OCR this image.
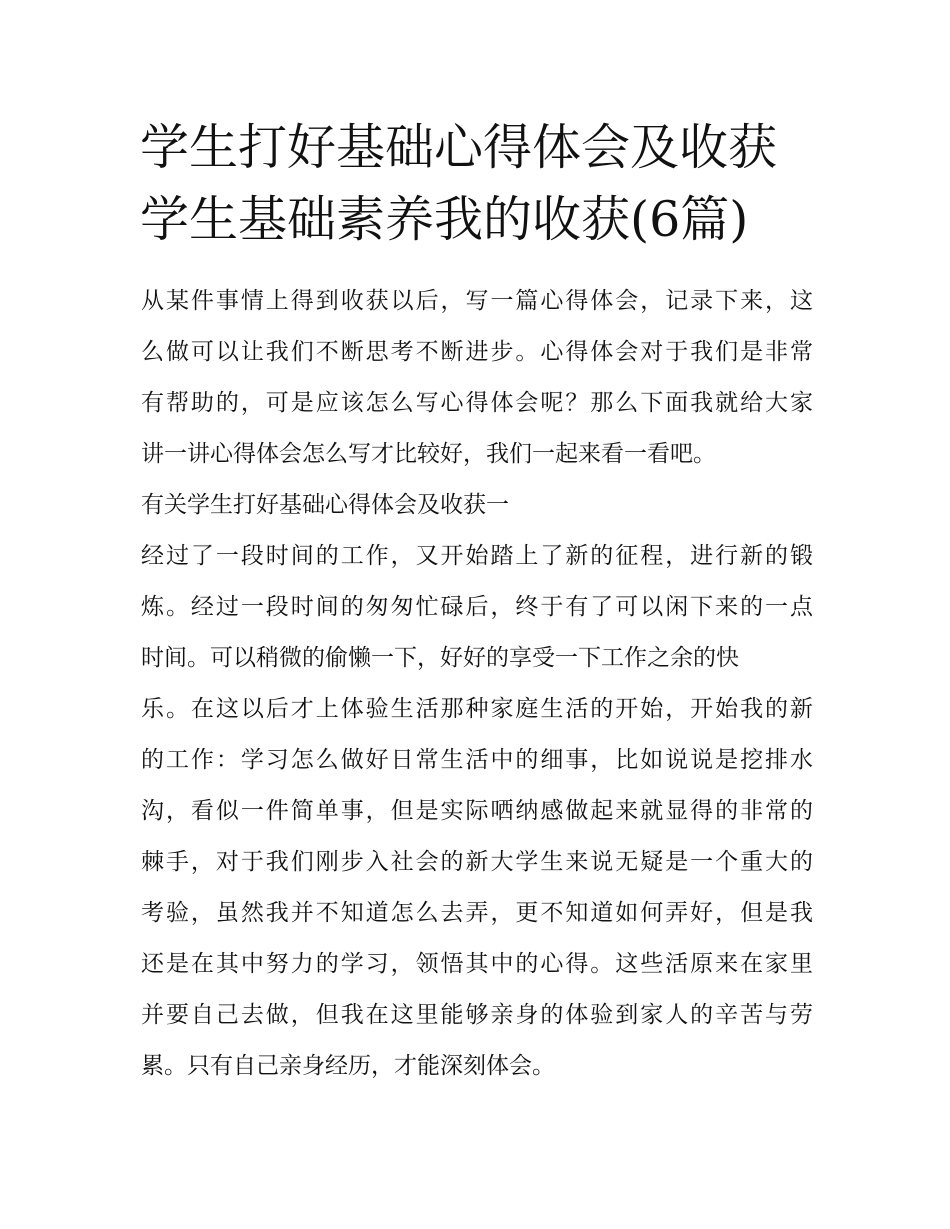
学生打好基础心得体会及收获
学生基础素养我的收获(6篇)
从某件事情上得到收获以后，写一篇心得体会，记录下来，这
么做可以让我们不断思考不断进步。心得体会对于我们是非常
有帮助的，可是应该怎么写心得体会呢？那么下面我就给大家
讲一讲心得体会怎么写才比较好，我们一起来看一看吧。
有关学生打好基础心得体会及收获一
经过了一段时间的工作，又开始踏上了新的征程，进行新的锻
炼。经过一段时间的匆匆忙碌后，终于有了可以闲下来的一点
时间。可以稍微的偷懒一下，好好的享受一下工作之余的快
乐。在这以后才上体验生活那种家庭生活的开始，开始我的新
的工作：学习怎么做好日常生活中的细事，比如说说是挖排水
沟，看似一件简单事，但是实际哂纳感做起来就显得的非常的
棘手，对于我们刚步入社会的新大学生来说无疑是一个重大的
考验，虽然我并不知道怎么去弄，更不知道如何弄好，但是我
还是在其中努力的学习，领悟其中的心得。这些活原来在家里
并要自己去做，但我在这里能够亲身的体验到家人的辛苦与劳
累。只有自己亲身经历，才能深刻体会。
